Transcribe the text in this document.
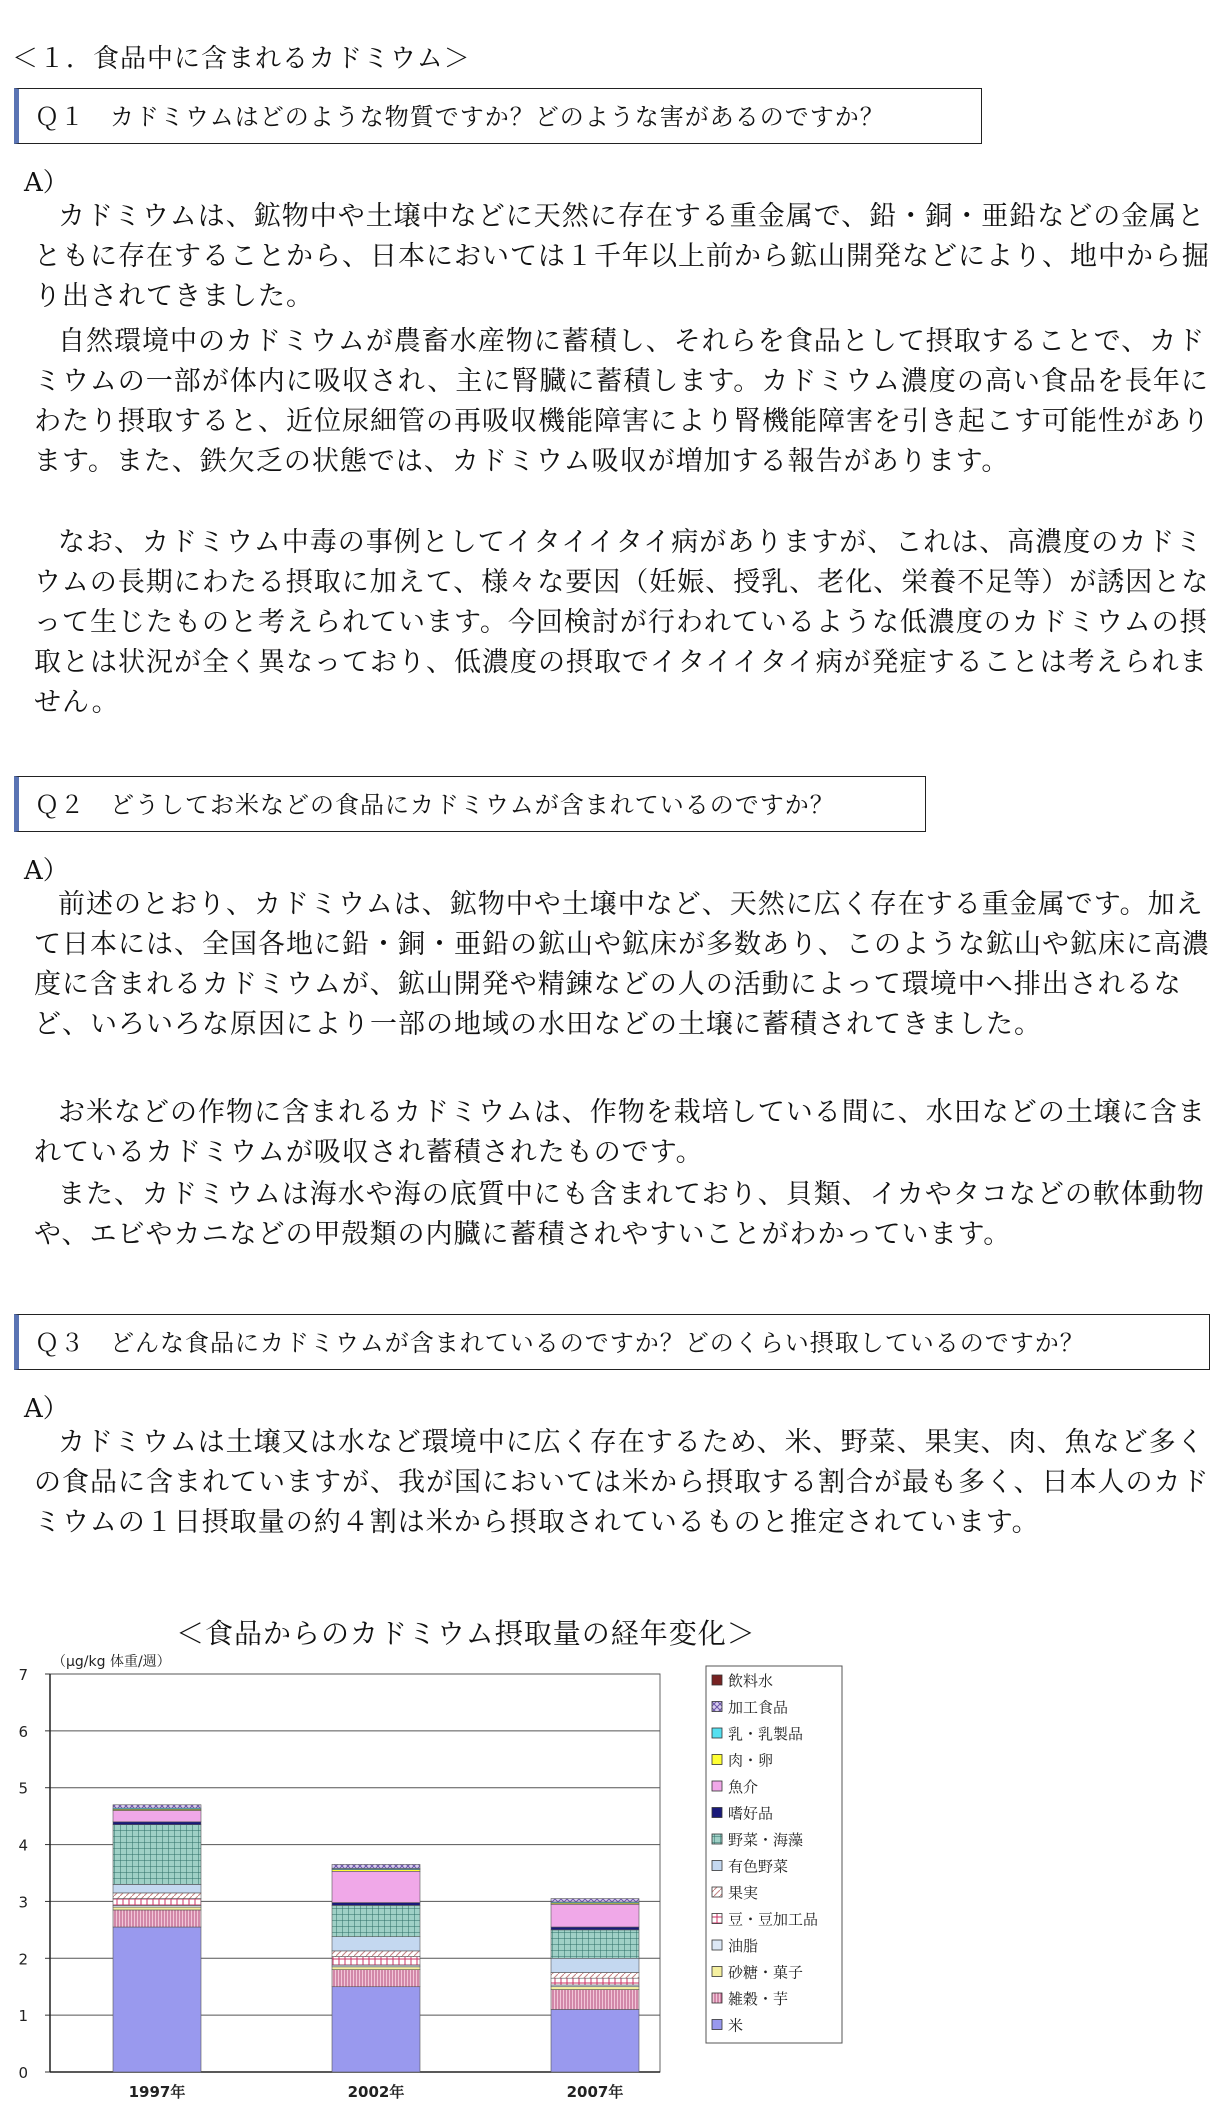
＜１．食品中に含まれるカドミウム＞
Ｑ１　カドミウムはどのような物質ですか？どのような害があるのですか？
A）

カドミウムは、鉱物中や土壌中などに天然に存在する重金属で、鉛・銅・亜鉛などの金属とともに存在することから、日本においては１千年以上前から鉱山開発などにより、地中から掘り出されてきました。

自然環境中のカドミウムが農畜水産物に蓄積し、それらを食品として摂取することで、カドミウムの一部が体内に吸収され、主に腎臓に蓄積します。カドミウム濃度の高い食品を長年にわたり摂取すると、近位尿細管の再吸収機能障害により腎機能障害を引き起こす可能性があります。また、鉄欠乏の状態では、カドミウム吸収が増加する報告があります。

なお、カドミウム中毒の事例としてイタイイタイ病がありますが、これは、高濃度のカドミウムの長期にわたる摂取に加えて、様々な要因（妊娠、授乳、老化、栄養不足等）が誘因となって生じたものと考えられています。今回検討が行われているような低濃度のカドミウムの摂取とは状況が全く異なっており、低濃度の摂取でイタイイタイ病が発症することは考えられません。

Ｑ２　どうしてお米などの食品にカドミウムが含まれているのですか？
A）

前述のとおり、カドミウムは、鉱物中や土壌中など、天然に広く存在する重金属です。加えて日本には、全国各地に鉛・銅・亜鉛の鉱山や鉱床が多数あり、このような鉱山や鉱床に高濃度に含まれるカドミウムが、鉱山開発や精錬などの人の活動によって環境中へ排出されるなど、いろいろな原因により一部の地域の水田などの土壌に蓄積されてきました。

お米などの作物に含まれるカドミウムは、作物を栽培している間に、水田などの土壌に含まれているカドミウムが吸収され蓄積されたものです。

また、カドミウムは海水や海の底質中にも含まれており、貝類、イカやタコなどの軟体動物や、エビやカニなどの甲殻類の内臓に蓄積されやすいことがわかっています。

Ｑ３　どんな食品にカドミウムが含まれているのですか？どのくらい摂取しているのですか？
A）

カドミウムは土壌又は水など環境中に広く存在するため、米、野菜、果実、肉、魚など多くの食品に含まれていますが、我が国においては米から摂取する割合が最も多く、日本人のカドミウムの１日摂取量の約４割は米から摂取されているものと推定されています。

＜食品からのカドミウム摂取量の経年変化＞
0
1
2
3
4
5
6
7
（μg/kg 体重/週）
1997年	2002年	2007年
飲料水
加工食品
乳・乳製品
肉・卵
魚介
嗜好品
野菜・海藻
有色野菜
果実
豆・豆加工品
油脂
砂糖・菓子
雑穀・芋
米
